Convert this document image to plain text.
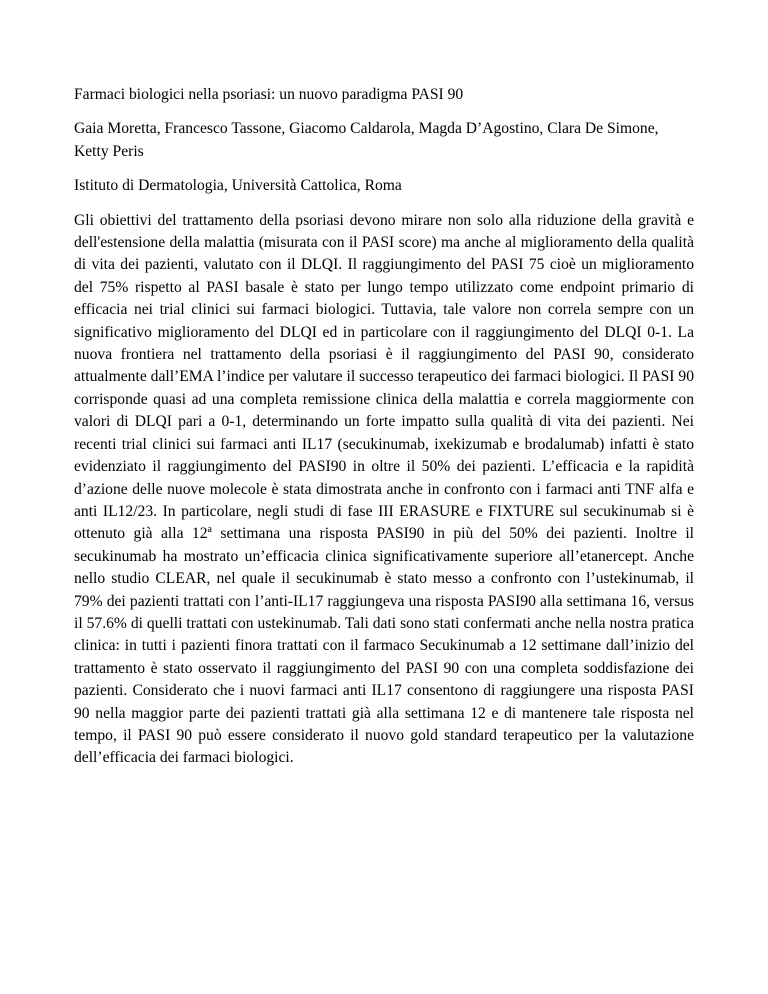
Farmaci biologici nella psoriasi: un nuovo paradigma PASI 90

Gaia Moretta, Francesco Tassone, Giacomo Caldarola, Magda D’Agostino, Clara De Simone, Ketty Peris

Istituto di Dermatologia, Università Cattolica, Roma

Gli obiettivi del trattamento della psoriasi devono mirare non solo alla riduzione della gravità e dell'estensione della malattia (misurata con il PASI score) ma anche al miglioramento della qualità di vita dei pazienti, valutato con il DLQI. Il raggiungimento del PASI 75 cioè un miglioramento del 75% rispetto al PASI basale è stato per lungo tempo utilizzato come endpoint primario di efficacia nei trial clinici sui farmaci biologici. Tuttavia, tale valore non correla sempre con un significativo miglioramento del DLQI ed in particolare con il raggiungimento del DLQI 0-1. La nuova frontiera nel trattamento della psoriasi è il raggiungimento del PASI 90, considerato attualmente dall’EMA l’indice per valutare il successo terapeutico dei farmaci biologici. Il PASI 90 corrisponde quasi ad una completa remissione clinica della malattia e correla maggiormente con valori di DLQI pari a 0-1, determinando un forte impatto sulla qualità di vita dei pazienti. Nei recenti trial clinici sui farmaci anti IL17 (secukinumab, ixekizumab e brodalumab) infatti è stato evidenziato il raggiungimento del PASI90 in oltre il 50% dei pazienti. L’efficacia e la rapidità d’azione delle nuove molecole è stata dimostrata anche in confronto con i farmaci anti TNF alfa e anti IL12/23. In particolare, negli studi di fase III ERASURE e FIXTURE sul secukinumab si è ottenuto già alla 12$^a$ settimana una risposta PASI90 in più del 50% dei pazienti. Inoltre il secukinumab ha mostrato un’efficacia clinica significativamente superiore all’etanercept. Anche nello studio CLEAR, nel quale il secukinumab è stato messo a confronto con l’ustekinumab, il 79% dei pazienti trattati con l’anti-IL17 raggiungeva una risposta PASI90 alla settimana 16, versus il 57.6% di quelli trattati con ustekinumab. Tali dati sono stati confermati anche nella nostra pratica clinica: in tutti i pazienti finora trattati con il farmaco Secukinumab a 12 settimane dall’inizio del trattamento è stato osservato il raggiungimento del PASI 90 con una completa soddisfazione dei pazienti. Considerato che i nuovi farmaci anti IL17 consentono di raggiungere una risposta PASI 90 nella maggior parte dei pazienti trattati già alla settimana 12 e di mantenere tale risposta nel tempo, il PASI 90 può essere considerato il nuovo gold standard terapeutico per la valutazione dell’efficacia dei farmaci biologici.
